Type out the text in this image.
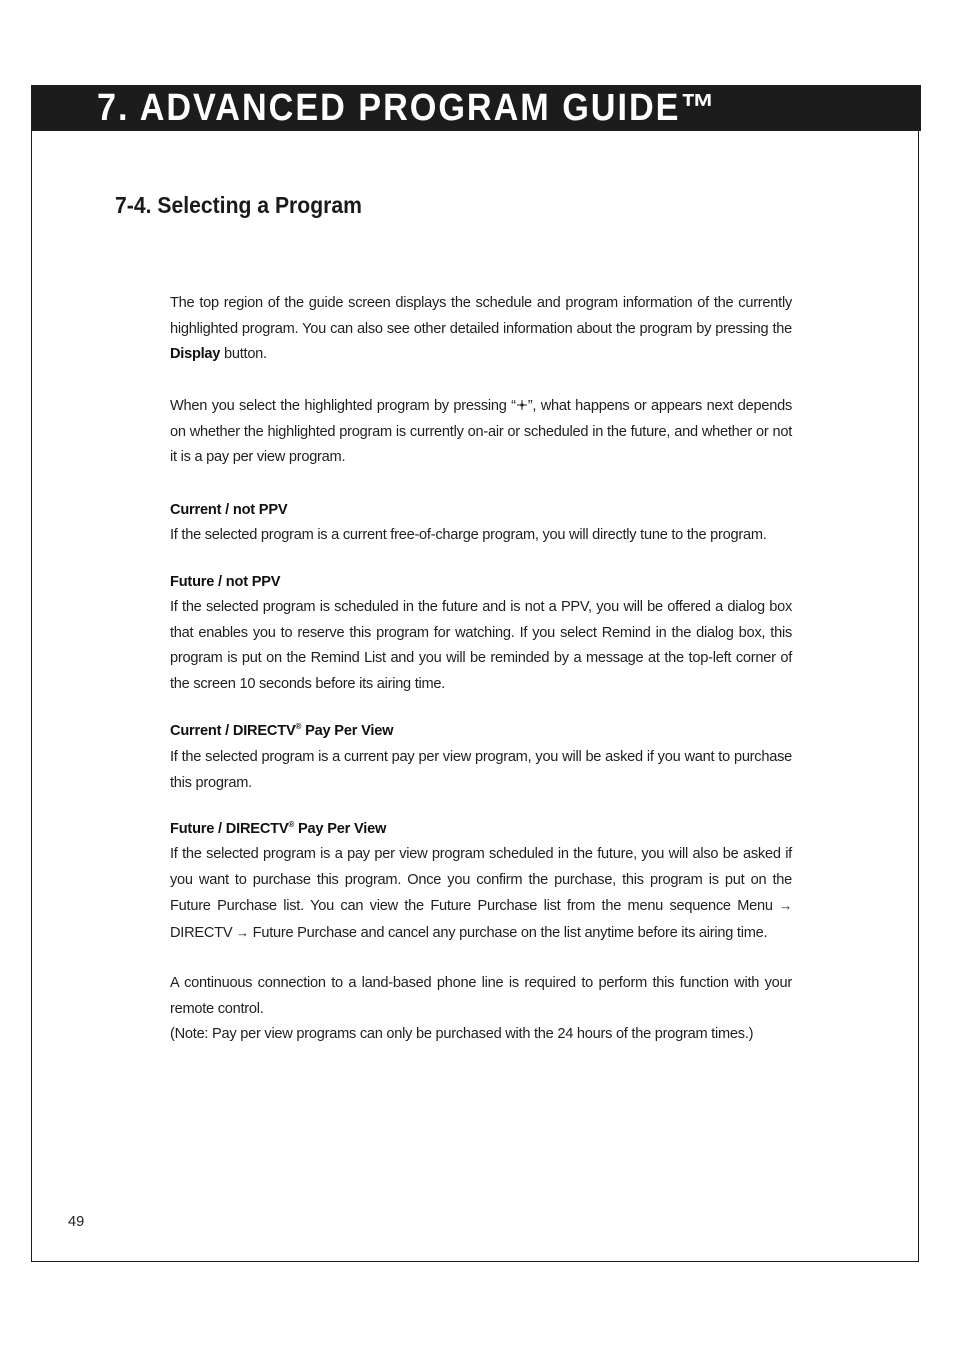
7. ADVANCED PROGRAM GUIDE™
7-4. Selecting a Program

The top region of the guide screen displays the schedule and program information of the currently highlighted program. You can also see other detailed information about the program by pressing the Display button.

When you select the highlighted program by pressing “ ”, what happens or appears next depends on whether the highlighted program is currently on-air or scheduled in the future, and whether or not it is a pay per view program.

Current / not PPV

If the selected program is a current free-of-charge program, you will directly tune to the program.

Future / not PPV

If the selected program is scheduled in the future and is not a PPV, you will be offered a dialog box that enables you to reserve this program for watching. If you select Remind in the dialog box, this program is put on the Remind List and you will be reminded by a message at the top-left corner of the screen 10 seconds before its airing time.

Current / DIRECTV® Pay Per View

If the selected program is a current pay per view program, you will be asked if you want to purchase this program.

Future / DIRECTV® Pay Per View

If the selected program is a pay per view program scheduled in the future, you will also be asked if you want to purchase this program. Once you confirm the purchase, this program is put on the Future Purchase list. You can view the Future Purchase list from the menu sequence Menu → DIRECTV → Future Purchase and cancel any purchase on the list anytime before its airing time.

A continuous connection to a land-based phone line is required to perform this function with your remote control.

(Note: Pay per view programs can only be purchased with the 24 hours of the program times.)

49
